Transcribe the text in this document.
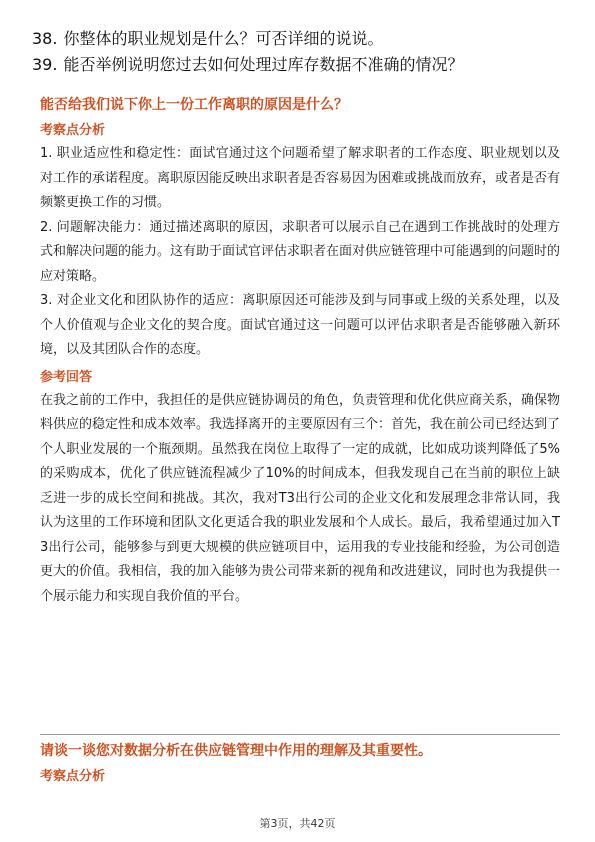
38. 你整体的职业规划是什么？可否详细的说说。
39. 能否举例说明您过去如何处理过库存数据不准确的情况？
能否给我们说下你上一份工作离职的原因是什么？
考察点分析
1. 职业适应性和稳定性：面试官通过这个问题希望了解求职者的工作态度、职业规划以及对工作的承诺程度。离职原因能反映出求职者是否容易因为困难或挑战而放弃，或者是否有频繁更换工作的习惯。
2. 问题解决能力：通过描述离职的原因，求职者可以展示自己在遇到工作挑战时的处理方式和解决问题的能力。这有助于面试官评估求职者在面对供应链管理中可能遇到的问题时的应对策略。
3. 对企业文化和团队协作的适应：离职原因还可能涉及到与同事或上级的关系处理，以及个人价值观与企业文化的契合度。面试官通过这一问题可以评估求职者是否能够融入新环境，以及其团队合作的态度。
参考回答
在我之前的工作中，我担任的是供应链协调员的角色，负责管理和优化供应商关系，确保物料供应的稳定性和成本效率。我选择离开的主要原因有三个：首先，我在前公司已经达到了个人职业发展的一个瓶颈期。虽然我在岗位上取得了一定的成就，比如成功谈判降低了5%的采购成本，优化了供应链流程减少了10%的时间成本，但我发现自己在当前的职位上缺乏进一步的成长空间和挑战。其次，我对T3出行公司的企业文化和发展理念非常认同，我认为这里的工作环境和团队文化更适合我的职业发展和个人成长。最后，我希望通过加入T3出行公司，能够参与到更大规模的供应链项目中，运用我的专业技能和经验，为公司创造更大的价值。我相信，我的加入能够为贵公司带来新的视角和改进建议，同时也为我提供一个展示能力和实现自我价值的平台。
请谈一谈您对数据分析在供应链管理中作用的理解及其重要性。
考察点分析
第3页，共42页
